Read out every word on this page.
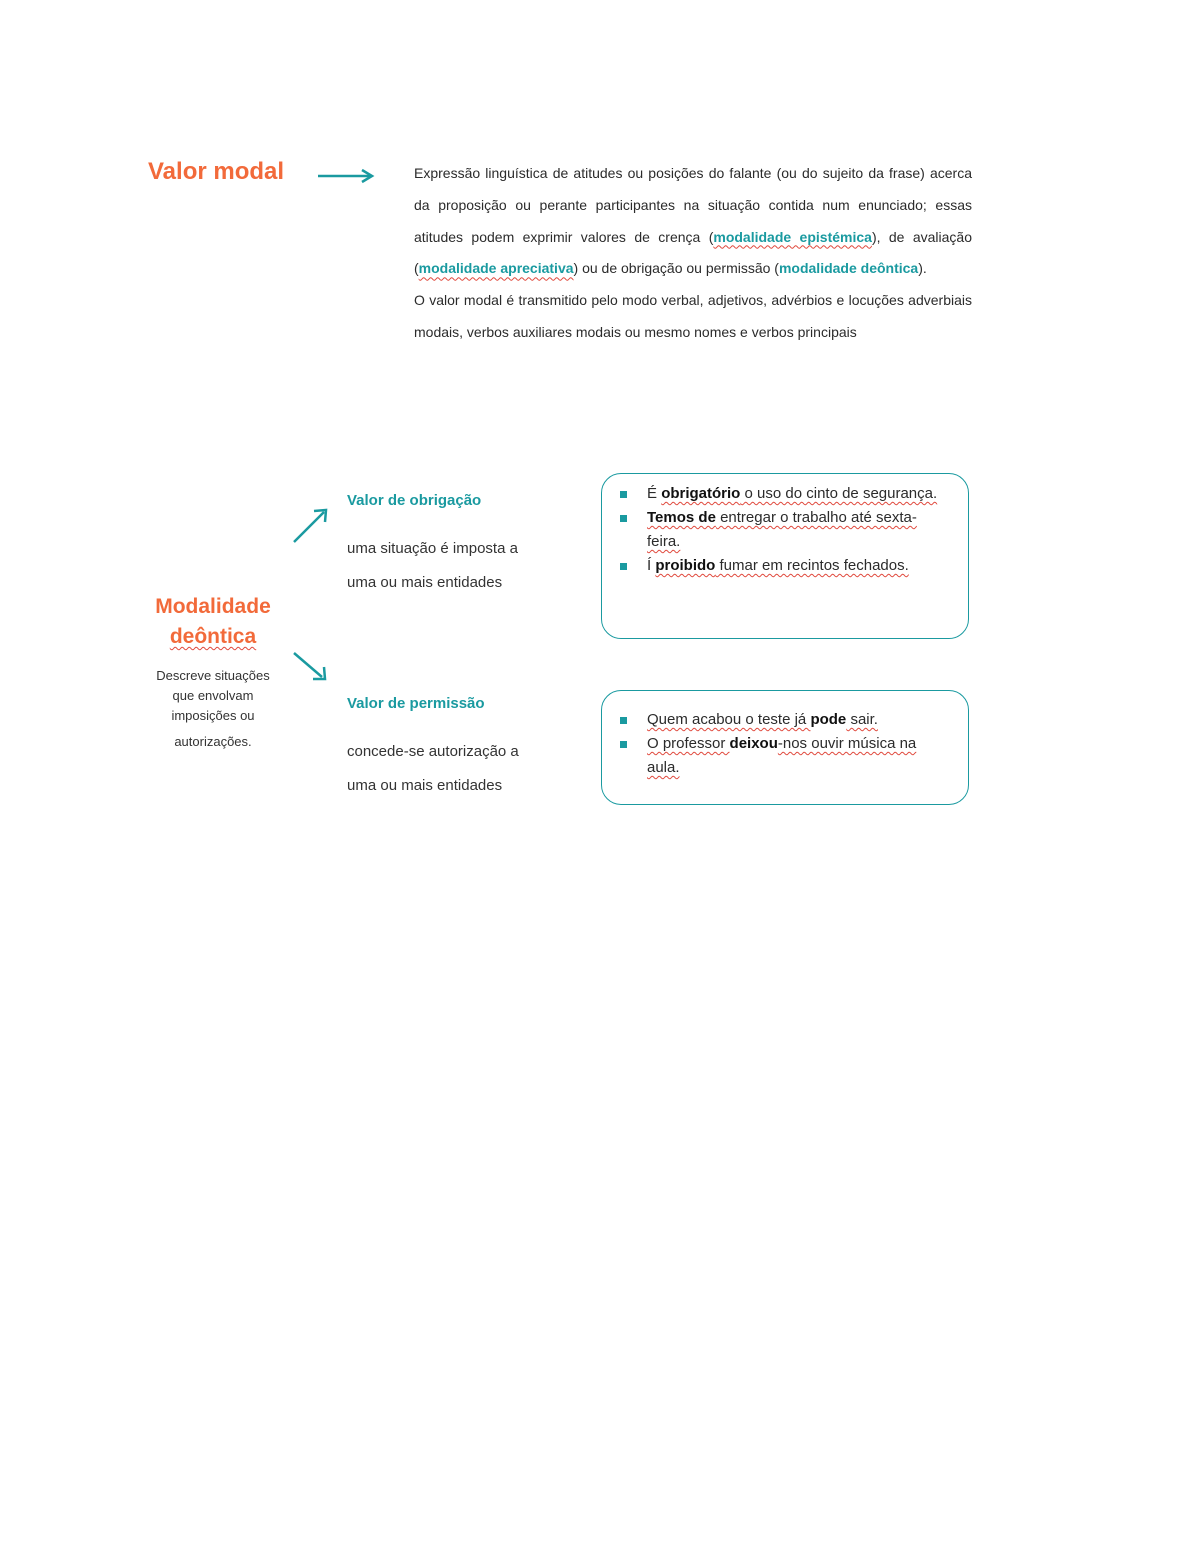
Valor modal	Expressão linguística de atitudes ou posições do falante (ou do sujeito da frase) acerca da proposição ou perante participantes na situação contida num enunciado; essas atitudes podem exprimir valores de crença (modalidade epistémica), de avaliação (modalidade apreciativa) ou de obrigação ou permissão (modalidade deôntica).

O valor modal é transmitido pelo modo verbal, adjetivos, advérbios e locuções adverbiais modais, verbos auxiliares modais ou mesmo nomes e verbos principais

Modalidade
deôntica
Descreve situações
que envolvam
imposições ou
autorizações.
Valor de obrigação
uma situação é imposta a
uma ou mais entidades
É obrigatório o uso do cinto de segurança.
Temos de entregar o trabalho até sexta-feira.
Í proibido fumar em recintos fechados.
Valor de permissão
concede-se autorização a
uma ou mais entidades
Quem acabou o teste já pode sair.
O professor deixou-nos ouvir música na aula.
